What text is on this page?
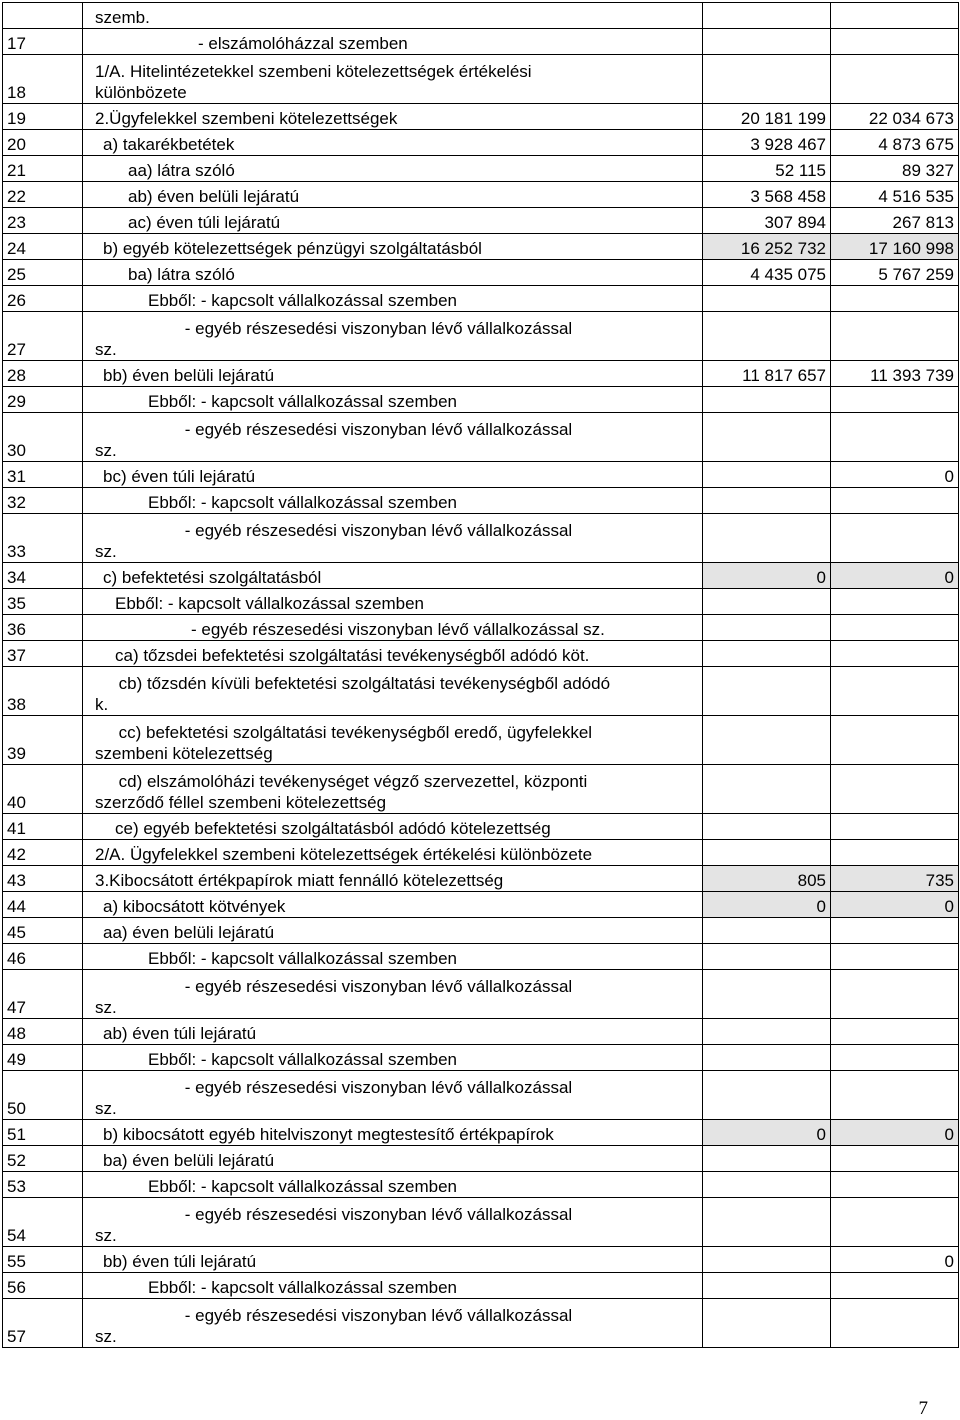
	szemb.		
17	- elszámolóházzal szemben		
18	1/A. Hitelintézetekkel szembeni kötelezettségek értékelési
különbözete		
19	2.Ügyfelekkel szembeni kötelezettségek	20 181 199	22 034 673
20	a) takarékbetétek	3 928 467	4 873 675
21	aa) látra szóló	52 115	89 327
22	ab) éven belüli lejáratú	3 568 458	4 516 535
23	ac) éven túli lejáratú	307 894	267 813
24	b) egyéb kötelezettségek pénzügyi szolgáltatásból	16 252 732	17 160 998
25	ba) látra szóló	4 435 075	5 767 259
26	Ebből: - kapcsolt vállalkozással szemben		
27	- egyéb részesedési viszonyban lévő vállalkozással
sz.		
28	bb) éven belüli lejáratú	11 817 657	11 393 739
29	Ebből: - kapcsolt vállalkozással szemben		
30	- egyéb részesedési viszonyban lévő vállalkozással
sz.		
31	bc) éven túli lejáratú		0
32	Ebből: - kapcsolt vállalkozással szemben		
33	- egyéb részesedési viszonyban lévő vállalkozással
sz.		
34	c) befektetési szolgáltatásból	0	0
35	Ebből: - kapcsolt vállalkozással szemben		
36	- egyéb részesedési viszonyban lévő vállalkozással sz.		
37	ca) tőzsdei befektetési szolgáltatási tevékenységből adódó köt.		
38	cb) tőzsdén kívüli befektetési szolgáltatási tevékenységből adódó
k.		
39	cc) befektetési szolgáltatási tevékenységből eredő, ügyfelekkel
szembeni kötelezettség		
40	cd) elszámolóházi tevékenységet végző szervezettel, központi
szerződő féllel szembeni kötelezettség		
41	ce) egyéb befektetési szolgáltatásból adódó kötelezettség		
42	2/A. Ügyfelekkel szembeni kötelezettségek értékelési különbözete		
43	3.Kibocsátott értékpapírok miatt fennálló kötelezettség	805	735
44	a) kibocsátott kötvények	0	0
45	aa) éven belüli lejáratú		
46	Ebből: - kapcsolt vállalkozással szemben		
47	- egyéb részesedési viszonyban lévő vállalkozással
sz.		
48	ab) éven túli lejáratú		
49	Ebből: - kapcsolt vállalkozással szemben		
50	- egyéb részesedési viszonyban lévő vállalkozással
sz.		
51	b) kibocsátott egyéb hitelviszonyt megtestesítő értékpapírok	0	0
52	ba) éven belüli lejáratú		
53	Ebből: - kapcsolt vállalkozással szemben		
54	- egyéb részesedési viszonyban lévő vállalkozással
sz.		
55	bb) éven túli lejáratú		0
56	Ebből: - kapcsolt vállalkozással szemben		
57	- egyéb részesedési viszonyban lévő vállalkozással
sz.		
7
